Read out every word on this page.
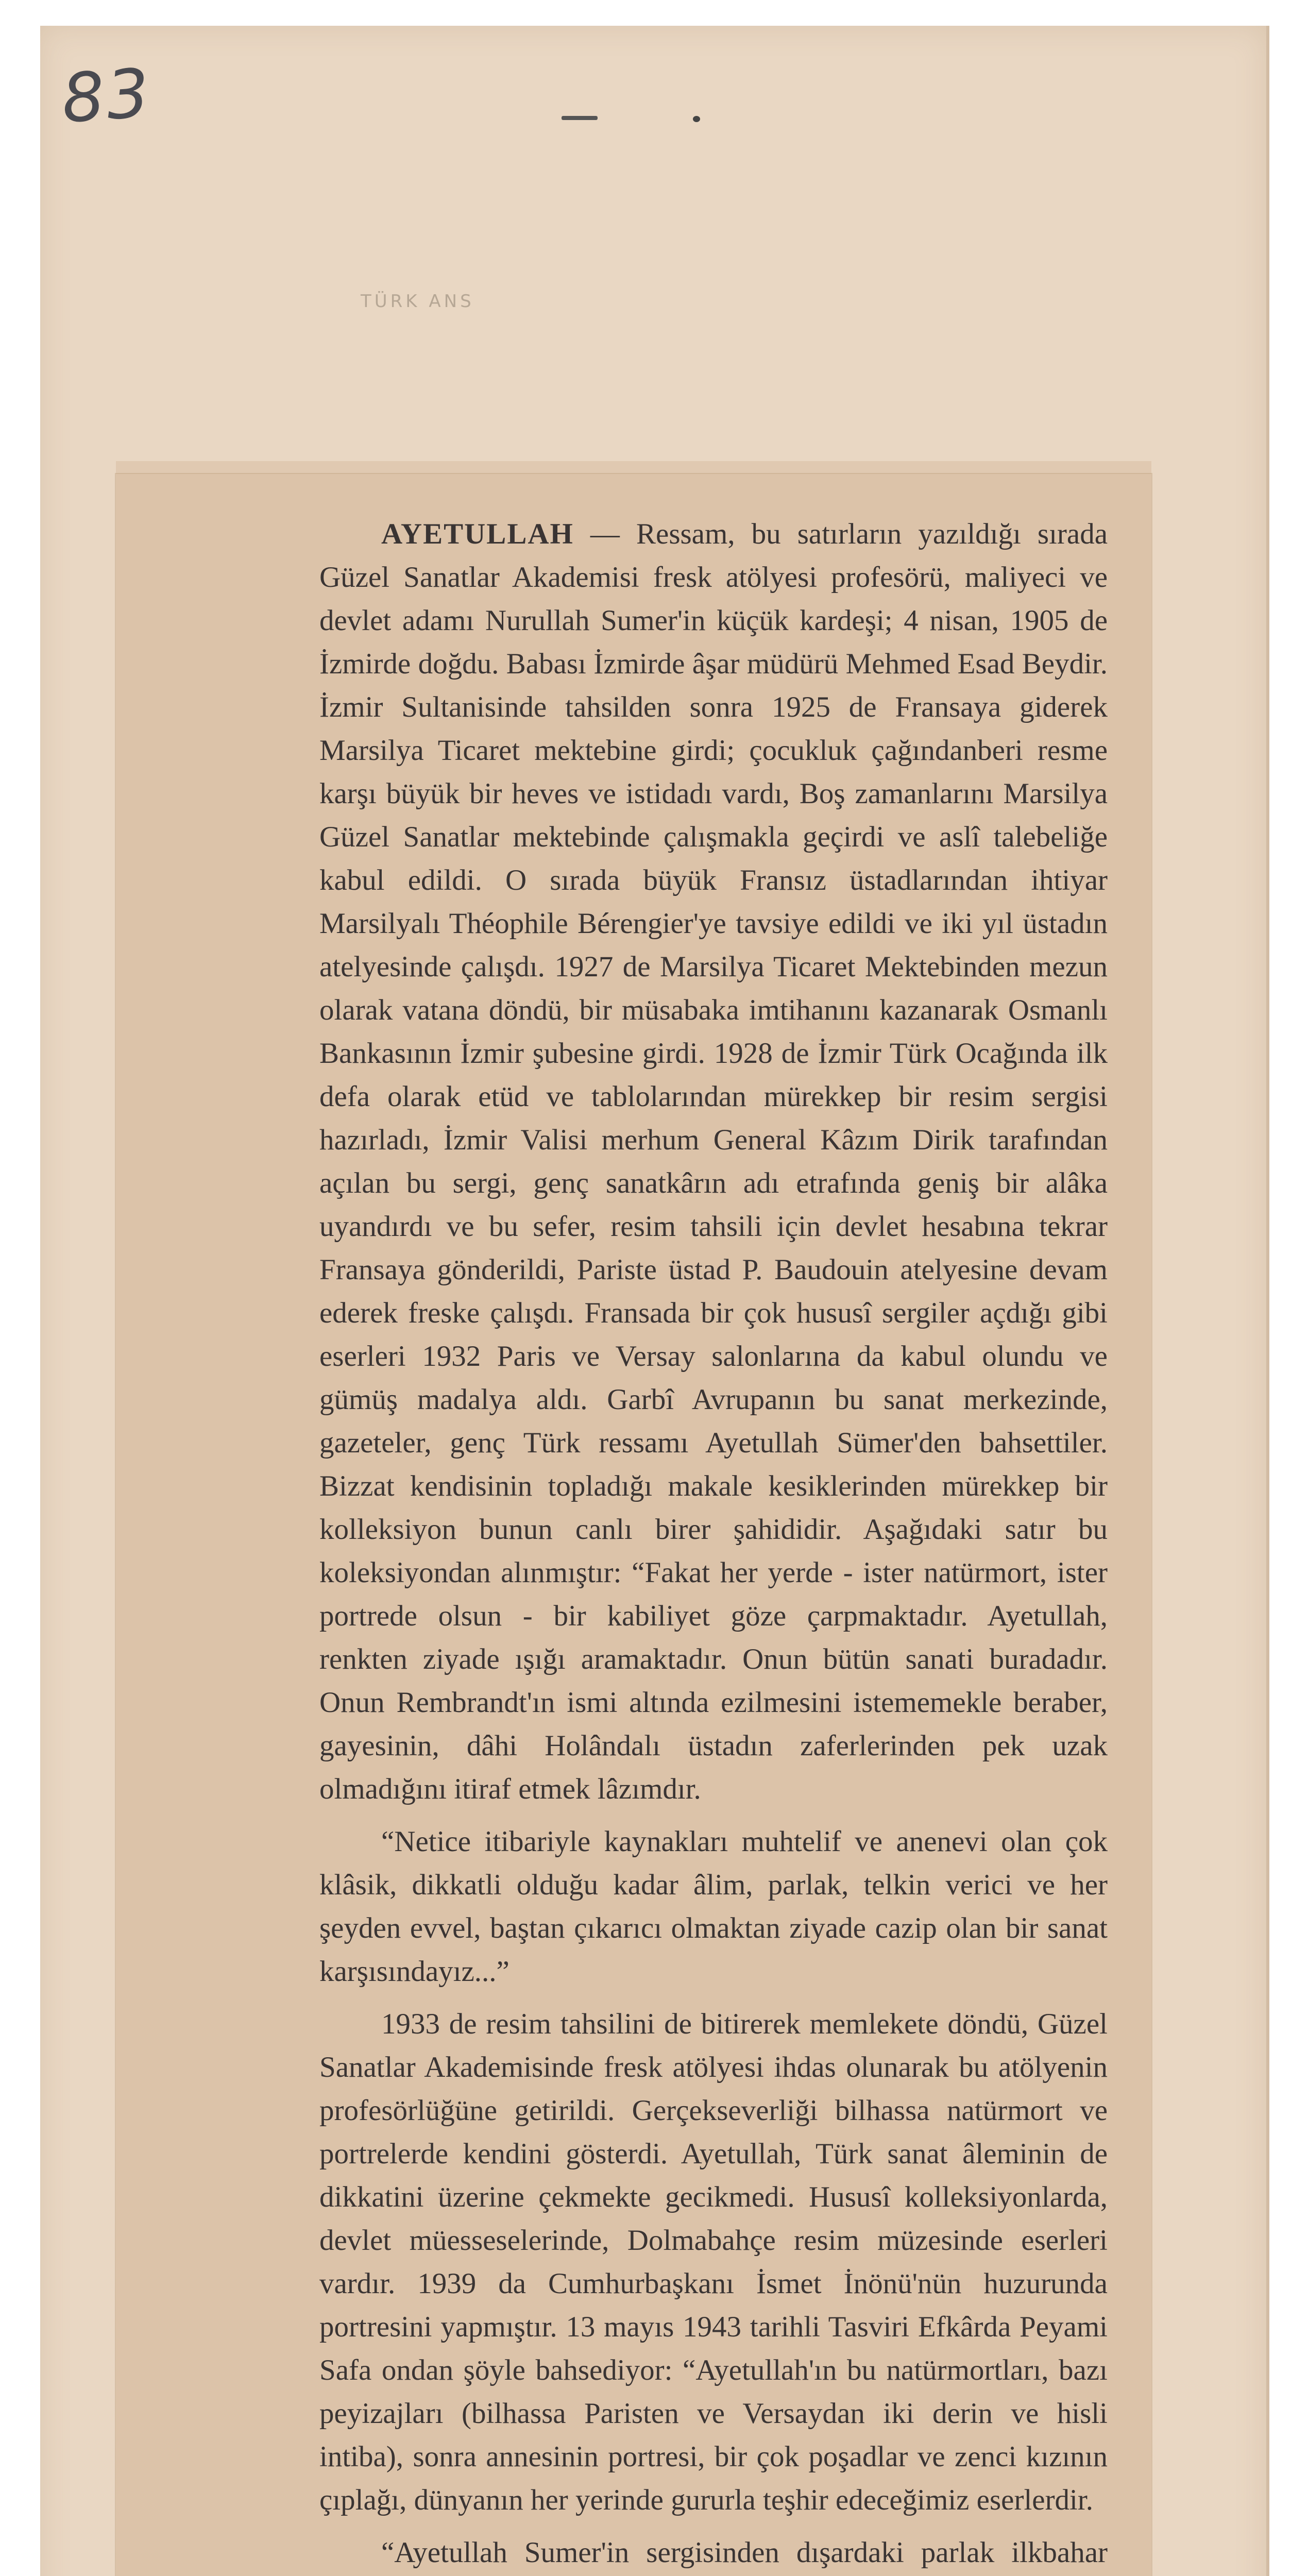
83
TÜRK ANS

AYETULLAH — Ressam, bu satırların yazıldığı sırada Güzel Sanatlar Akademisi fresk atölyesi profesörü, maliyeci ve devlet adamı Nurullah Sumer'in küçük kardeşi; 4 nisan, 1905 de İzmirde doğdu. Babası İzmirde âşar müdürü Mehmed Esad Beydir. İzmir Sultanisinde tahsilden sonra 1925 de Fransaya giderek Marsilya Ticaret mektebine girdi; çocukluk çağındanberi resme karşı büyük bir heves ve istidadı vardı, Boş zamanlarını Marsilya Güzel Sanatlar mektebinde çalışmakla geçirdi ve aslî talebeliğe kabul edildi. O sırada büyük Fransız üstadlarından ihtiyar Marsilyalı Théophile Bérengier'ye tavsiye edildi ve iki yıl üstadın atelyesinde çalışdı. 1927 de Marsilya Ticaret Mektebinden mezun olarak vatana döndü, bir müsabaka imtihanını kazanarak Osmanlı Bankasının İzmir şubesine girdi. 1928 de İzmir Türk Ocağında ilk defa olarak etüd ve tablolarından mürekkep bir resim sergisi hazırladı, İzmir Valisi merhum General Kâzım Dirik tarafından açılan bu sergi, genç sanatkârın adı etrafında geniş bir alâka uyandırdı ve bu sefer, resim tahsili için devlet hesabına tekrar Fransaya gönderildi, Pariste üstad P. Baudouin atelyesine devam ederek freske çalışdı. Fransada bir çok hususî sergiler açdığı gibi eserleri 1932 Paris ve Versay salonlarına da kabul olundu ve gümüş madalya aldı. Garbî Avrupanın bu sanat merkezinde, gazeteler, genç Türk ressamı Ayetullah Sümer'den bahsettiler. Bizzat kendisinin topladığı makale kesiklerinden mürekkep bir kolleksiyon bunun canlı birer şahididir. Aşağıdaki satır bu koleksiyondan alınmıştır: “Fakat her yerde - ister natürmort, ister portrede olsun - bir kabiliyet göze çarpmaktadır. Ayetullah, renkten ziyade ışığı aramaktadır. Onun bütün sanati buradadır. Onun Rembrandt'ın ismi altında ezilmesini istememekle beraber, gayesinin, dâhi Holândalı üstadın zaferlerinden pek uzak olmadığını itiraf etmek lâzımdır.

“Netice itibariyle kaynakları muhtelif ve anenevi olan çok klâsik, dikkatli olduğu kadar âlim, parlak, telkin verici ve her şeyden evvel, baştan çıkarıcı olmaktan ziyade cazip olan bir sanat karşısındayız...”

1933 de resim tahsilini de bitirerek memlekete döndü, Güzel Sanatlar Akademisinde fresk atölyesi ihdas olunarak bu atölyenin profesörlüğüne getirildi. Gerçekseverliği bilhassa natürmort ve portrelerde kendini gösterdi. Ayetullah, Türk sanat âleminin de dikkatini üzerine çekmekte gecikmedi. Hususî kolleksiyonlarda, devlet müesseselerinde, Dolmabahçe resim müzesinde eserleri vardır. 1939 da Cumhurbaşkanı İsmet İnönü'nün huzurunda portresini yapmıştır. 13 mayıs 1943 tarihli Tasviri Efkârda Peyami Safa ondan şöyle bahsediyor: “Ayetullah'ın bu natürmortları, bazı peyizajları (bilhassa Paristen ve Versaydan iki derin ve hisli intiba), sonra annesinin portresi, bir çok poşadlar ve zenci kızının çıplağı, dünyanın her yerinde gururla teşhir edeceğimiz eserlerdir.

“Ayetullah Sumer'in sergisinden dışardaki parlak ilkbahar
